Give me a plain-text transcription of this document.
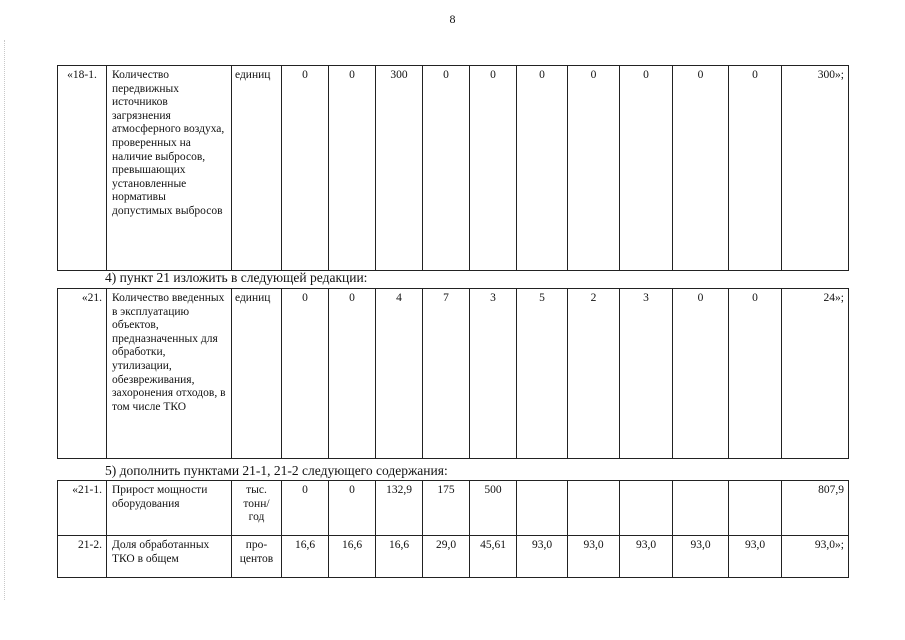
8
«18-1.	Количество передвижных источников загрязнения атмосферного воздуха, проверенных на наличие выбросов, превышающих установленные нормативы допустимых выбросов	единиц	0	0	300	0	0	0	0	0	0	0	300»;
4) пункт 21 изложить в следующей редакции:
«21.	Количество введенных в эксплуатацию объектов, предназначенных для обработки, утилизации, обезвреживания, захоронения отходов, в том числе ТКО	единиц	0	0	4	7	3	5	2	3	0	0	24»;
5) дополнить пунктами 21-1, 21-2 следующего содержания:
«21-1.	Прирост мощности оборудования	тыс. тонн/ год	0	0	132,9	175	500						807,9
21-2.	Доля обработанных ТКО в общем	про- центов	16,6	16,6	16,6	29,0	45,61	93,0	93,0	93,0	93,0	93,0	93,0»;
